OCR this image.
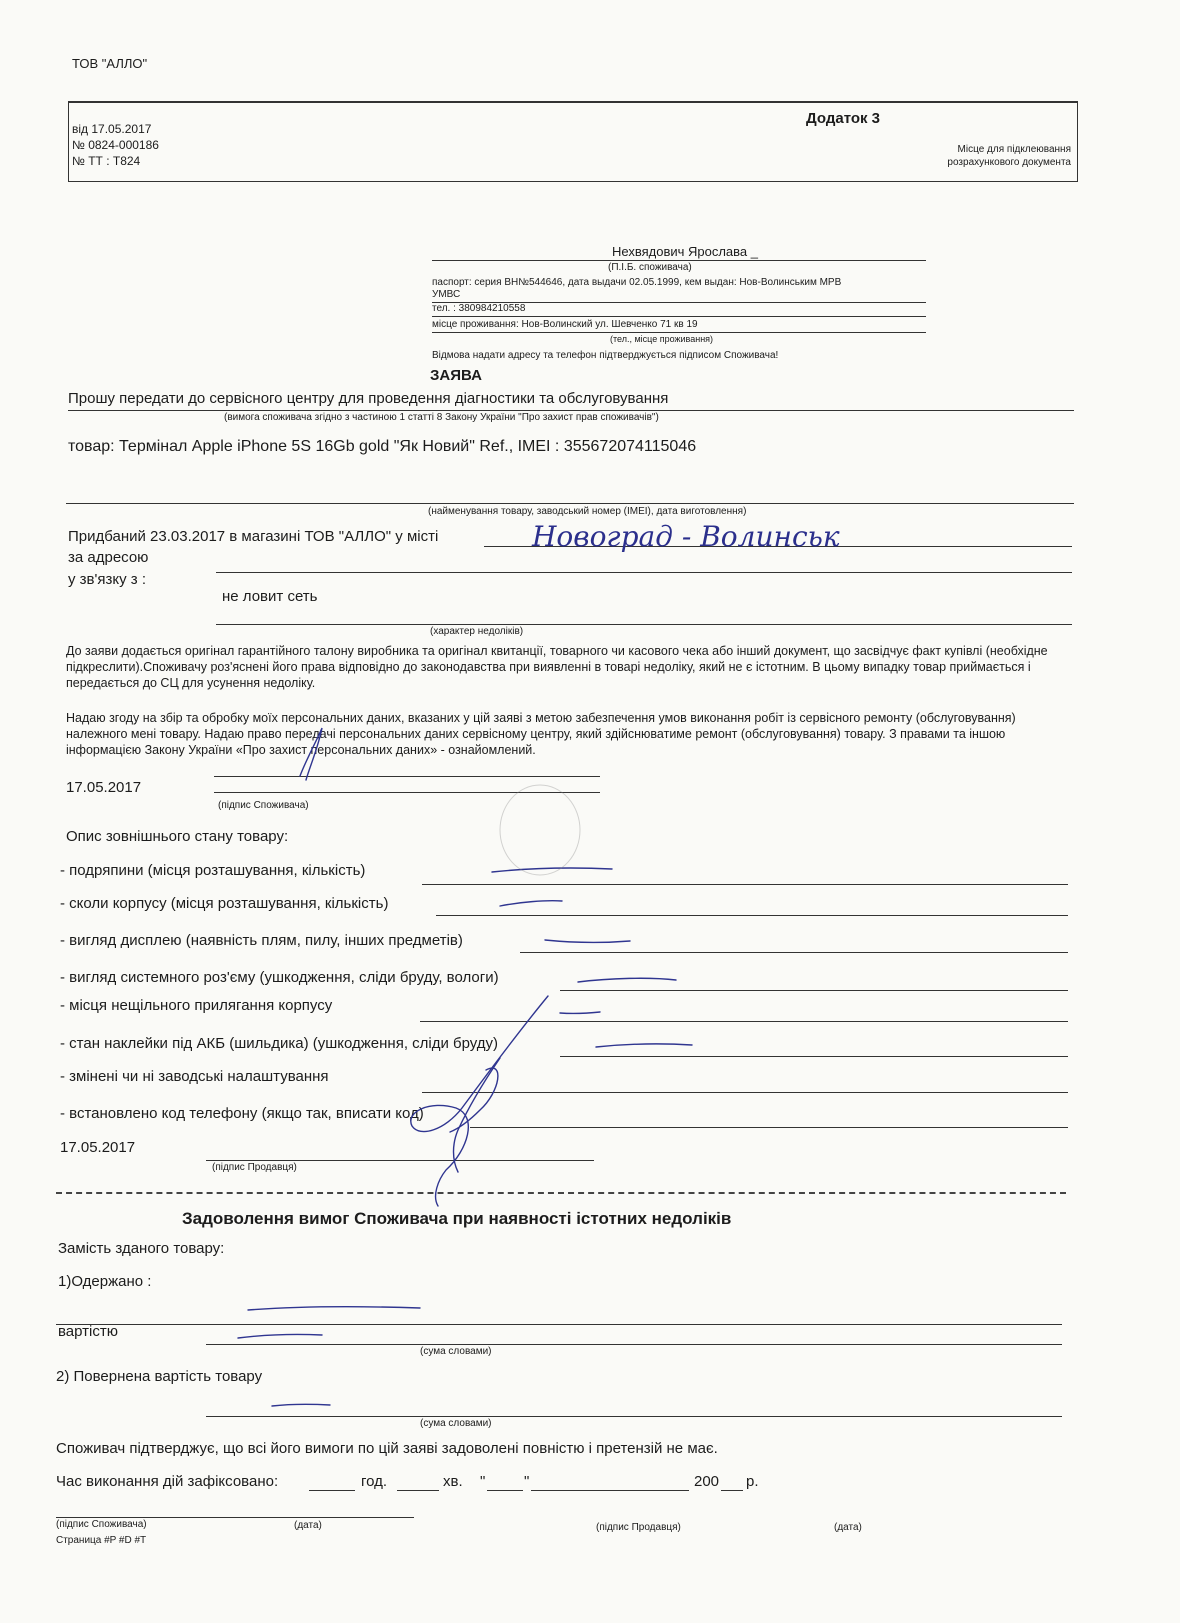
ТОВ "АЛЛО"
від 17.05.2017
№ 0824-000186
№ ТТ : Т824
Додаток 3
Місце для підклеювання
розрахункового документа
Нехвядович Ярослава _
(П.І.Б. споживача)
паспорт: серия ВН№544646, дата выдачи 02.05.1999, кем выдан: Нов-Волинським МРВ
УМВС
тел. : 380984210558
місце проживання: Нов-Волинский ул. Шевченко 71 кв 19
(тел., місце проживання)
Відмова надати адресу та телефон підтверджується підписом Споживача!
ЗАЯВА
Прошу передати до сервісного центру для проведення діагностики та обслуговування
(вимога споживача згідно з частиною 1 статті 8 Закону України "Про захист прав споживачів")
товар: Термінал Apple iPhone 5S 16Gb gold "Як Новий" Ref., IMEI : 355672074115046
(найменування товару, заводський номер (IMEI), дата виготовлення)
Придбаний 23.03.2017 в магазині ТОВ "АЛЛО" у місті	Новоград - Волинськ
за адресою
у зв'язку з :
не ловит сеть
(характер недоліків)
До заяви додається оригінал гарантійного талону виробника та оригінал квитанції, товарного чи касового чека або інший документ, що засвідчує факт купівлі (необхідне підкреслити).Споживачу роз'яснені його права відповідно до законодавства при виявленні в товарі недоліку, який не є істотним. В цьому випадку товар приймається і передається до СЦ для усунення недоліку.
Надаю згоду на збір та обробку моїх персональних даних, вказаних у цій заяві з метою забезпечення умов виконання робіт із сервісного ремонту (обслуговування) належного мені товару. Надаю право передачі персональних даних сервісному центру, який здійснюватиме ремонт (обслуговування) товару. З правами та іншою інформацією Закону України «Про захист персональних даних» - ознайомлений.
17.05.2017
(підпис Споживача)
Опис зовнішнього стану товару:
- подряпини (місця розташування, кількість)
- сколи корпусу (місця розташування, кількість)
- вигляд дисплею (наявність плям, пилу, інших предметів)
- вигляд системного роз'єму (ушкодження, сліди бруду, вологи)
- місця нещільного прилягання корпусу
- стан наклейки під АКБ (шильдика) (ушкодження, сліди бруду)
- змінені чи ні заводські налаштування
- встановлено код телефону (якщо так, вписати код)
17.05.2017
(підпис Продавця)
Задоволення вимог Споживача при наявності істотних недоліків
Замість зданого товару:
1)Одержано :
вартістю
(сума словами)
2) Повернена вартість товару
(сума словами)
Споживач підтверджує, що всі його вимоги по цій заяві задоволені повністю і претензій не має.
Час виконання дій зафіксовано:	год.	хв. "	"	200 р.
(підпис Споживача)	(дата)	(підпис Продавця)	(дата)
Страница #P #D #T
